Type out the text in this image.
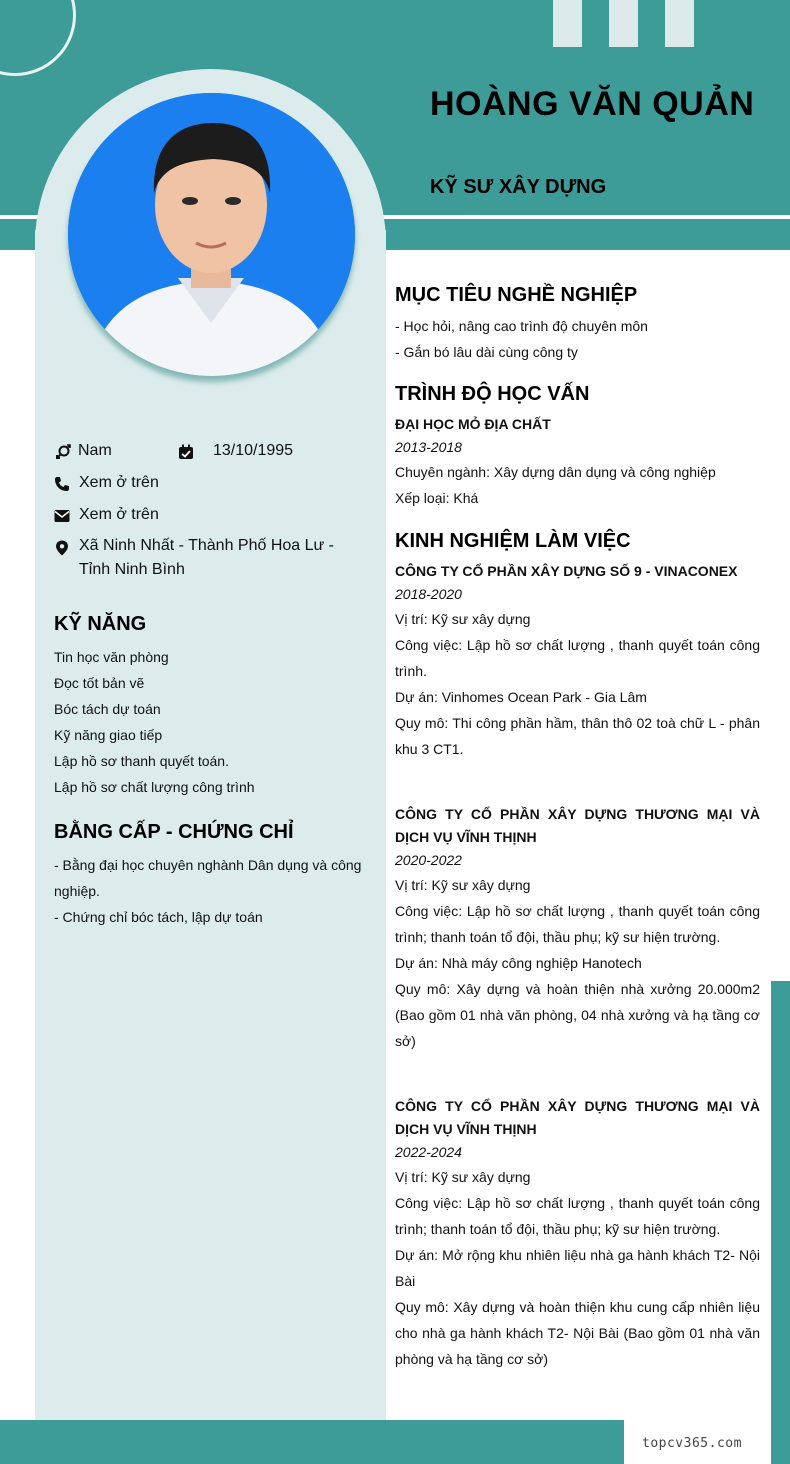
HOÀNG VĂN QUẢN
KỸ SƯ XÂY DỰNG
Nam	13/10/1995
Xem ở trên
Xem ở trên
Xã Ninh Nhất - Thành Phố Hoa Lư - Tỉnh Ninh Bình
KỸ NĂNG
Tin học văn phòng
Đọc tốt bản vẽ
Bóc tách dự toán
Kỹ năng giao tiếp
Lập hồ sơ thanh quyết toán.
Lập hồ sơ chất lượng công trình
BẰNG CẤP - CHỨNG CHỈ

- Bằng đại học chuyên nghành Dân dụng và công nghiệp.

- Chứng chỉ bóc tách, lập dự toán

MỤC TIÊU NGHỀ NGHIỆP
- Học hỏi, nâng cao trình độ chuyên môn
- Gắn bó lâu dài cùng công ty
TRÌNH ĐỘ HỌC VẤN
ĐẠI HỌC MỎ ĐỊA CHẤT
2013-2018
Chuyên ngành: Xây dựng dân dụng và công nghiệp
Xếp loại: Khá
KINH NGHIỆM LÀM VIỆC
CÔNG TY CỔ PHẦN XÂY DỰNG SỐ 9 - VINACONEX
2018-2020
Vị trí: Kỹ sư xây dựng
Công việc: Lập hồ sơ chất lượng , thanh quyết toán công trình.
Dự án: Vinhomes Ocean Park - Gia Lâm
Quy mô: Thi công phần hầm, thân thô 02 toà chữ L - phân khu 3 CT1.
CÔNG TY CỔ PHẦN XÂY DỰNG THƯƠNG MẠI VÀ DỊCH VỤ VĨNH THỊNH
2020-2022
Vị trí: Kỹ sư xây dựng
Công việc: Lập hồ sơ chất lượng , thanh quyết toán công trình; thanh toán tổ đội, thầu phụ; kỹ sư hiện trường.
Dự án: Nhà máy công nghiệp Hanotech
Quy mô: Xây dựng và hoàn thiện nhà xưởng 20.000m2 (Bao gồm 01 nhà văn phòng, 04 nhà xưởng và hạ tầng cơ sở)
CÔNG TY CỔ PHẦN XÂY DỰNG THƯƠNG MẠI VÀ DỊCH VỤ VĨNH THỊNH
2022-2024
Vị trí: Kỹ sư xây dựng
Công việc: Lập hồ sơ chất lượng , thanh quyết toán công trình; thanh toán tổ đội, thầu phụ; kỹ sư hiện trường.
Dự án: Mở rộng khu nhiên liệu nhà ga hành khách T2- Nội Bài
Quy mô: Xây dựng và hoàn thiện khu cung cấp nhiên liệu cho nhà ga hành khách T2- Nội Bài (Bao gồm 01 nhà văn phòng và hạ tầng cơ sở)
topcv365.com
